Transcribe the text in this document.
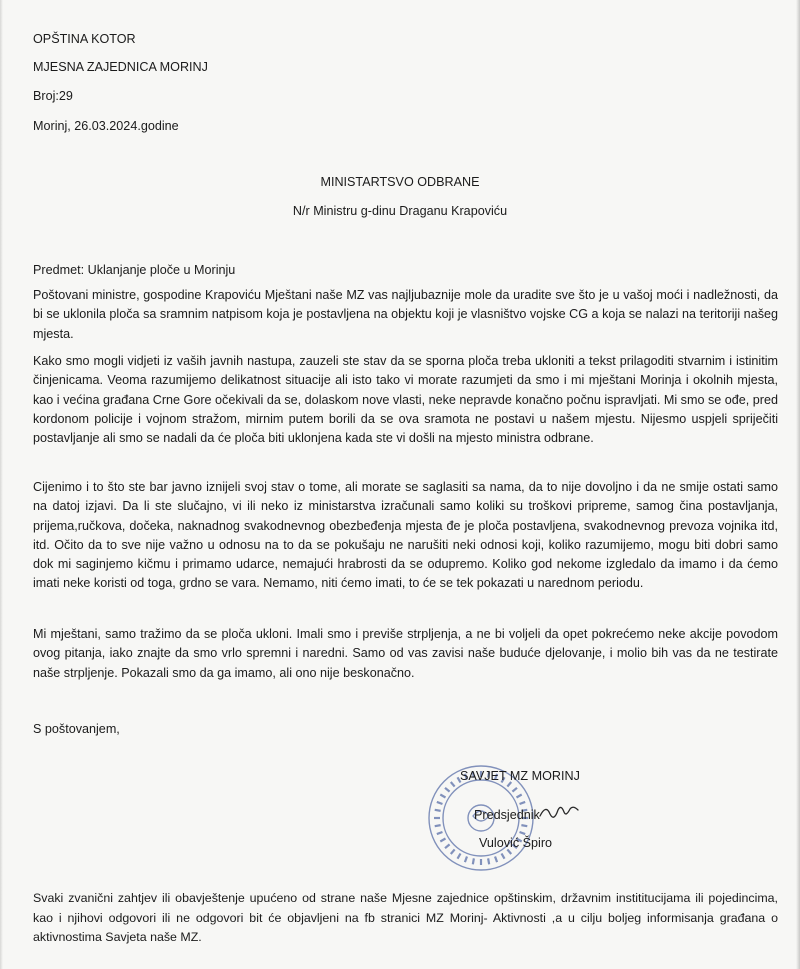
OPŠTINA KOTOR
MJESNA ZAJEDNICA MORINJ
Broj:29
Morinj, 26.03.2024.godine
MINISTARTSVO ODBRANE
N/r Ministru g-dinu Draganu Krapoviću
Predmet: Uklanjanje ploče u Morinju
Poštovani ministre, gospodine Krapoviću Mještani naše MZ vas najljubaznije mole da uradite sve što je u vašoj moći i nadležnosti, da bi se uklonila ploča sa sramnim natpisom koja je postavljena na objektu koji je vlasništvo vojske CG a koja se nalazi na teritoriji našeg mjesta.
Kako smo mogli vidjeti iz vaših javnih nastupa, zauzeli ste stav da se sporna ploča treba ukloniti a tekst prilagoditi stvarnim i istinitim činjenicama. Veoma razumijemo delikatnost situacije ali isto tako vi morate razumjeti da smo i mi mještani Morinja i okolnih mjesta, kao i većina građana Crne Gore očekivali da se, dolaskom nove vlasti, neke nepravde konačno počnu ispravljati. Mi smo se ođe, pred kordonom policije i vojnom stražom, mirnim putem borili da se ova sramota ne postavi u našem mjestu. Nijesmo uspjeli spriječiti postavljanje ali smo se nadali da će ploča biti uklonjena kada ste vi došli na mjesto ministra odbrane.
Cijenimo i to što ste bar javno iznijeli svoj stav o tome, ali morate se saglasiti sa nama, da to nije dovoljno i da ne smije ostati samo na datoj izjavi. Da li ste slučajno, vi ili neko iz ministarstva izračunali samo koliki su troškovi pripreme, samog čina postavljanja, prijema,ručkova, dočeka, naknadnog svakodnevnog obezbeđenja mjesta đe je ploča postavljena, svakodnevnog prevoza vojnika itd, itd. Očito da to sve nije važno u odnosu na to da se pokušaju ne narušiti neki odnosi koji, koliko razumijemo, mogu biti dobri samo dok mi saginjemo kičmu i primamo udarce, nemajući hrabrosti da se odupremo. Koliko god nekome izgledalo da imamo i da ćemo imati neke koristi od toga, grdno se vara. Nemamo, niti ćemo imati, to će se tek pokazati u narednom periodu.
Mi mještani, samo tražimo da se ploča ukloni. Imali smo i previše strpljenja, a ne bi voljeli da opet pokrećemo neke akcije povodom ovog pitanja, iako znajte da smo vrlo spremni i naredni. Samo od vas zavisi naše buduće djelovanje, i molio bih vas da ne testirate naše strpljenje. Pokazali smo da ga imamo, ali ono nije beskonačno.
S poštovanjem,
SAVJET MZ MORINJ
Predsjednik
Vulović Špiro
Svaki zvanični zahtjev ili obavještenje upućeno od strane naše Mjesne zajednice opštinskim, državnim instititucijama ili pojedincima, kao i njihovi odgovori ili ne odgovori bit će objavljeni na fb stranici MZ Morinj- Aktivnosti ,a u cilju boljeg informisanja građana o aktivnostima Savjeta naše MZ.
